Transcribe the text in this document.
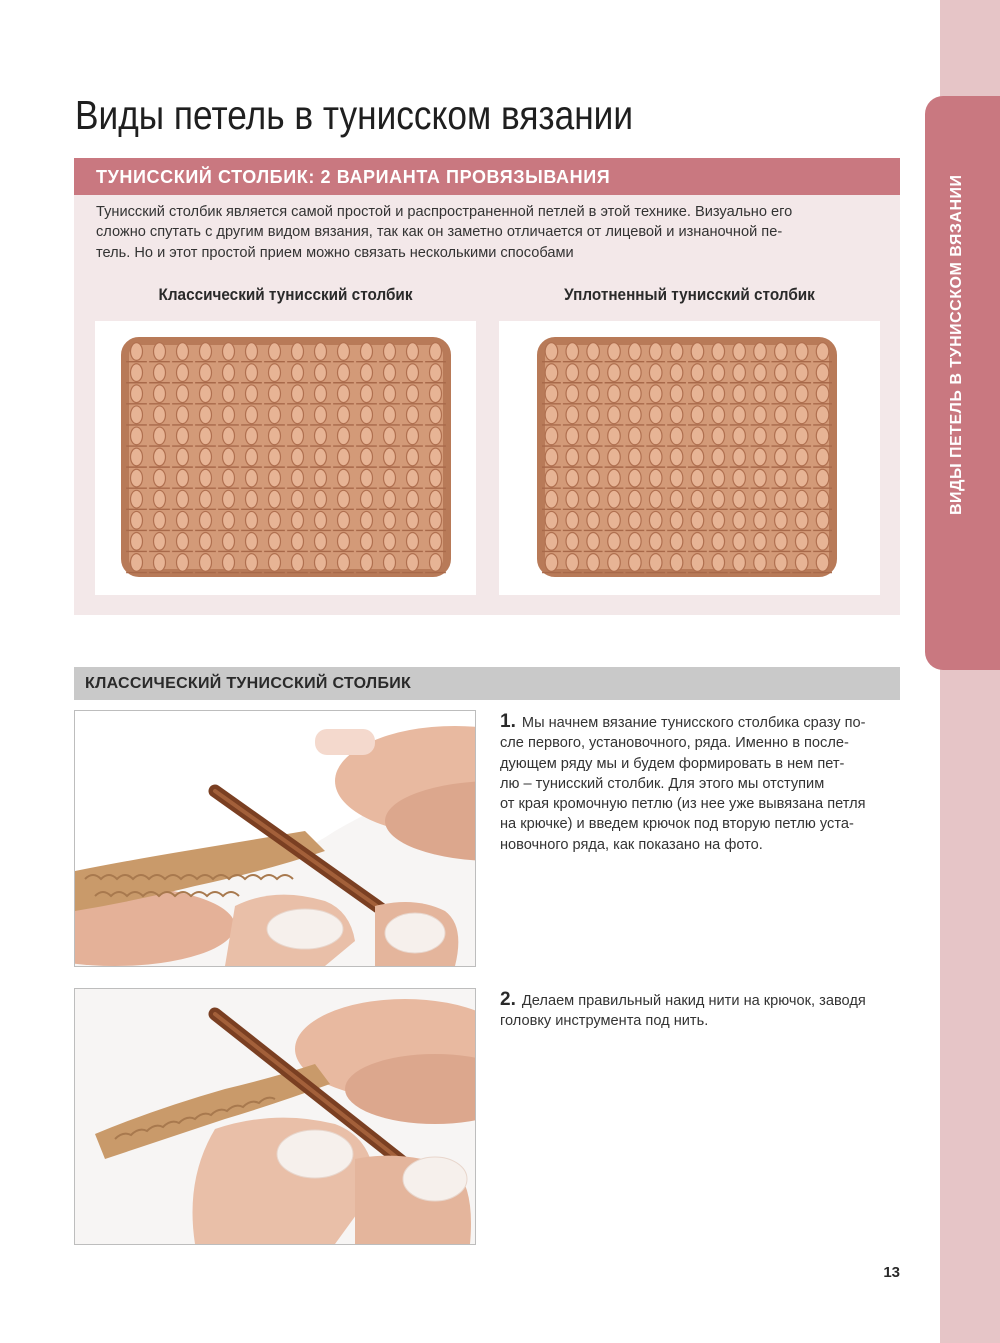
ВИДЫ ПЕТЕЛЬ В ТУНИССКОМ ВЯЗАНИИ
Виды петель в тунисском вязании
ТУНИССКИЙ СТОЛБИК: 2 ВАРИАНТА ПРОВЯЗЫВАНИЯ

Тунисский столбик является самой простой и распространенной петлей в этой технике. Визуально его
сложно спутать с другим видом вязания, так как он заметно отличается от лицевой и изнаночной пе-
тель. Но и этот простой прием можно связать несколькими способами

Классический тунисский столбик	Уплотненный тунисский столбик
КЛАССИЧЕСКИЙ ТУНИССКИЙ СТОЛБИК

1. Мы начнем вязание тунисского столбика сразу по-
сле первого, установочного, ряда. Именно в после-
дующем ряду мы и будем формировать в нем пет-
лю – тунисский столбик. Для этого мы отступим
от края кромочную петлю (из нее уже вывязана петля
на крючке) и введем крючок под вторую петлю уста-
новочного ряда, как показано на фото.

2. Делаем правильный накид нити на крючок, заводя
головку инструмента под нить.

13
